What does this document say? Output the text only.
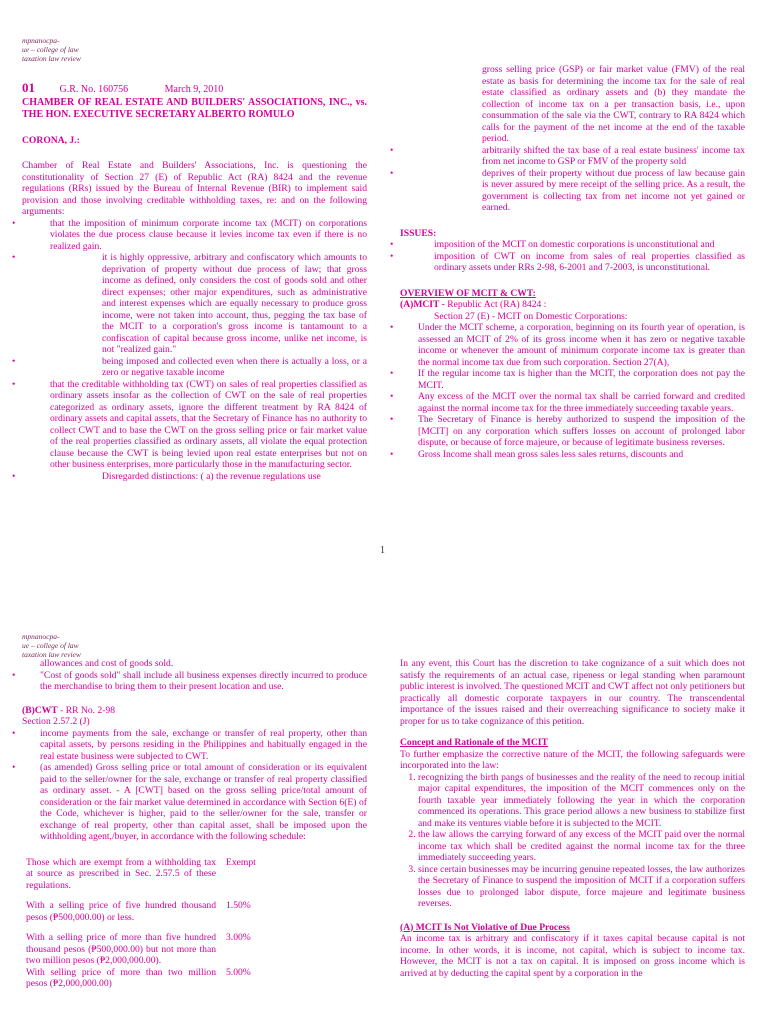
mpnanocpa-
ue – college of law
taxation law review
01 G.R. No. 160756	March 9, 2010
CHAMBER OF REAL ESTATE AND BUILDERS' ASSOCIATIONS, INC., vs. THE HON. EXECUTIVE SECRETARY ALBERTO ROMULO
CORONA, J.:

Chamber of Real Estate and Builders' Associations, Inc. is questioning the constitutionality of Section 27 (E) of Republic Act (RA) 8424 and the revenue regulations (RRs) issued by the Bureau of Internal Revenue (BIR) to implement said provision and those involving creditable withholding taxes, re: and on the following arguments:

• that the imposition of minimum corporate income tax (MCIT) on corporations violates the due process clause because it levies income tax even if there is no realized gain.
• it is highly oppressive, arbitrary and confiscatory which amounts to deprivation of property without due process of law; that gross income as defined, only considers the cost of goods sold and other direct expenses; other major expenditures, such as administrative and interest expenses which are equally necessary to produce gross income, were not taken into account, thus, pegging the tax base of the MCIT to a corporation's gross income is tantamount to a confiscation of capital because gross income, unlike net income, is not "realized gain."
• being imposed and collected even when there is actually a loss, or a zero or negative taxable income
• that the creditable withholding tax (CWT) on sales of real properties classified as ordinary assets insofar as the collection of CWT on the sale of real properties categorized as ordinary assets, ignore the different treatment by RA 8424 of ordinary assets and capital assets, that the Secretary of Finance has no authority to collect CWT and to base the CWT on the gross selling price or fair market value of the real properties classified as ordinary assets, all violate the equal protection clause because the CWT is being levied upon real estate enterprises but not on other business enterprises, more particularly those in the manufacturing sector.
• Disregarded distinctions: ( a) the revenue regulations use

gross selling price (GSP) or fair market value (FMV) of the real estate as basis for determining the income tax for the sale of real estate classified as ordinary assets and (b) they mandate the collection of income tax on a per transaction basis, i.e., upon consummation of the sale via the CWT, contrary to RA 8424 which calls for the payment of the net income at the end of the taxable period.

• arbitrarily shifted the tax base of a real estate business' income tax from net income to GSP or FMV of the property sold
• deprives of their property without due process of law because gain is never assured by mere receipt of the selling price. As a result, the government is collecting tax from net income not yet gained or earned.
ISSUES:
• imposition of the MCIT on domestic corporations is unconstitutional and
• imposition of CWT on income from sales of real properties classified as ordinary assets under RRs 2-98, 6-2001 and 7-2003, is unconstitutional.
OVERVIEW OF MCIT & CWT:
(A)MCIT - Republic Act (RA) 8424 :
Section 27 (E) - MCIT on Domestic Corporations:
• Under the MCIT scheme, a corporation, beginning on its fourth year of operation, is assessed an MCIT of 2% of its gross income when it has zero or negative taxable income or whenever the amount of minimum corporate income tax is greater than the normal income tax due from such corporation. Section 27(A),
• If the regular income tax is higher than the MCIT, the corporation does not pay the MCIT.
• Any excess of the MCIT over the normal tax shall be carried forward and credited against the normal income tax for the three immediately succeeding taxable years.
• The Secretary of Finance is hereby authorized to suspend the imposition of the [MCIT] on any corporation which suffers losses on account of prolonged labor dispute, or because of force majeure, or because of legitimate business reverses.
• Gross Income shall mean gross sales less sales returns, discounts and
1
mpnanocpa-
ue – college of law
taxation law review

allowances and cost of goods sold.

• "Cost of goods sold" shall include all business expenses directly incurred to produce the merchandise to bring them to their present location and use.
(B)CWT - RR No. 2-98
Section 2.57.2 (J)
• income payments from the sale, exchange or transfer of real property, other than capital assets, by persons residing in the Philippines and habitually engaged in the real estate business were subjected to CWT.
• (as amended) Gross selling price or total amount of consideration or its equivalent paid to the seller/owner for the sale, exchange or transfer of real property classified as ordinary asset. - A [CWT] based on the gross selling price/total amount of consideration or the fair market value determined in accordance with Section 6(E) of the Code, whichever is higher, paid to the seller/owner for the sale, transfer or exchange of real property, other than capital asset, shall be imposed upon the withholding agent,/buyer, in accordance with the following schedule:
Those which are exempt from a withholding tax at source as prescribed in Sec. 2.57.5 of these regulations.	Exempt
With a selling price of five hundred thousand pesos (₱500,000.00) or less.	1.50%
With a selling price of more than five hundred thousand pesos (₱500,000.00) but not more than two million pesos (₱2,000,000.00).	3.00%
With selling price of more than two million pesos (₱2,000,000.00)	5.00%

In any event, this Court has the discretion to take cognizance of a suit which does not satisfy the requirements of an actual case, ripeness or legal standing when paramount public interest is involved. The questioned MCIT and CWT affect not only petitioners but practically all domestic corporate taxpayers in our country. The transcendental importance of the issues raised and their overreaching significance to society make it proper for us to take cognizance of this petition.

Concept and Rationale of the MCIT

To further emphasize the corrective nature of the MCIT, the following safeguards were incorporated into the law:

1. recognizing the birth pangs of businesses and the reality of the need to recoup initial major capital expenditures, the imposition of the MCIT commences only on the fourth taxable year immediately following the year in which the corporation commenced its operations. This grace period allows a new business to stabilize first and make its ventures viable before it is subjected to the MCIT.
2. the law allows the carrying forward of any excess of the MCIT paid over the normal income tax which shall be credited against the normal income tax for the three immediately succeeding years.
3. since certain businesses may be incurring genuine repeated losses, the law authorizes the Secretary of Finance to suspend the imposition of MCIT if a corporation suffers losses due to prolonged labor dispute, force majeure and legitimate business reverses.
(A) MCIT Is Not Violative of Due Process

An income tax is arbitrary and confiscatory if it taxes capital because capital is not income. In other words, it is income, not capital, which is subject to income tax. However, the MCIT is not a tax on capital. It is imposed on gross income which is arrived at by deducting the capital spent by a corporation in the
